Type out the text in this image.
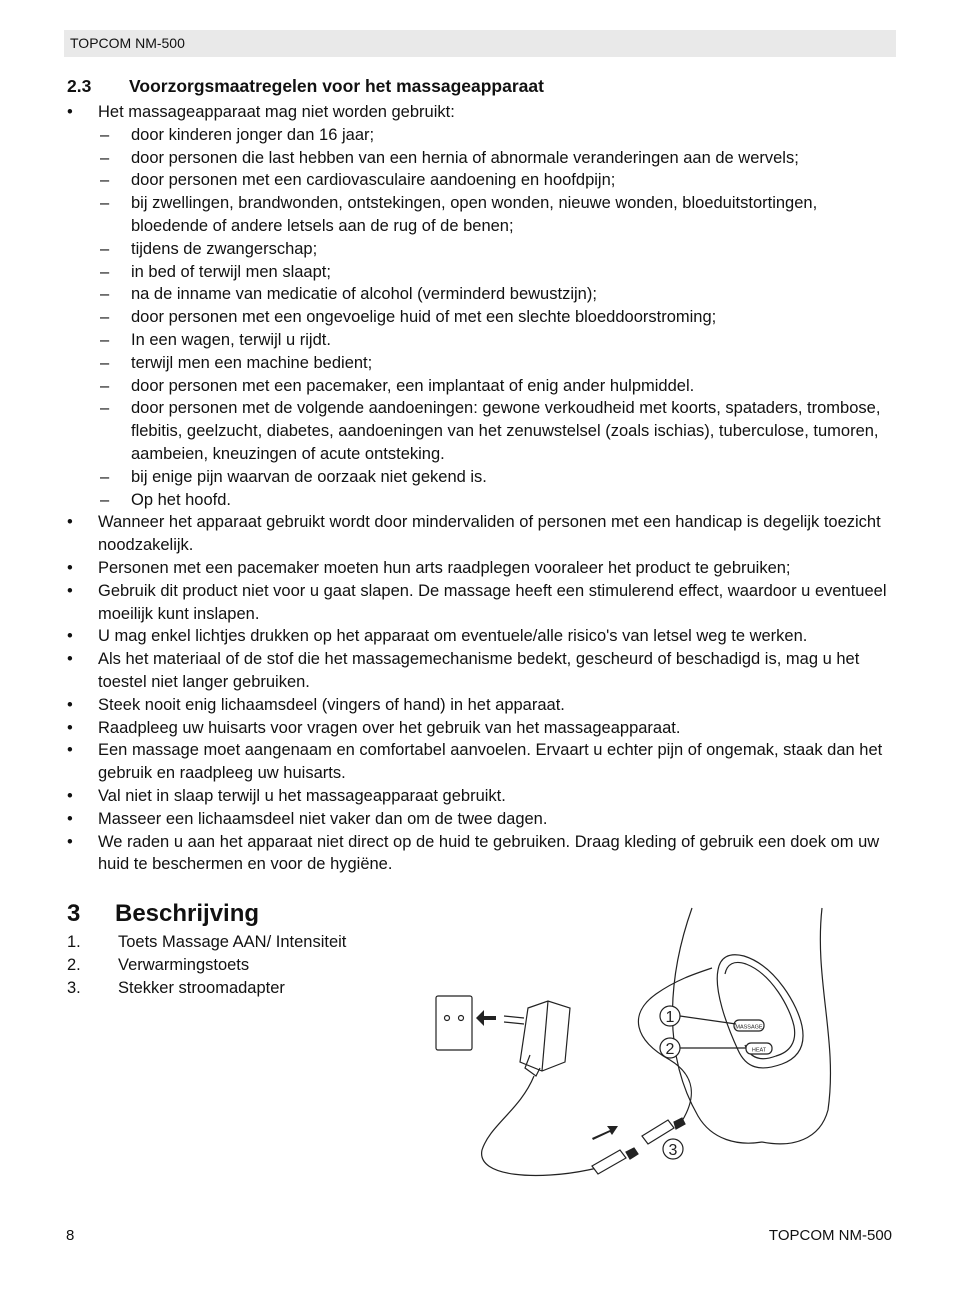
TOPCOM NM-500
2.3 Voorzorgsmaatregelen voor het massageapparaat
•	Het massageapparaat mag niet worden gebruikt:
–	door kinderen jonger dan 16 jaar;
–	door personen die last hebben van een hernia of abnormale veranderingen aan de wervels;
–	door personen met een cardiovasculaire aandoening en hoofdpijn;
–	bij zwellingen, brandwonden, ontstekingen, open wonden, nieuwe wonden, bloeduitstortingen, bloedende of andere letsels aan de rug of de benen;
–	tijdens de zwangerschap;
–	in bed of terwijl men slaapt;
–	na de inname van medicatie of alcohol (verminderd bewustzijn);
–	door personen met een ongevoelige huid of met een slechte bloeddoorstroming;
–	In een wagen, terwijl u rijdt.
–	terwijl men een machine bedient;
–	door personen met een pacemaker, een implantaat of enig ander hulpmiddel.
–	door personen met de volgende aandoeningen: gewone verkoudheid met koorts, spataders, trombose, flebitis, geelzucht, diabetes, aandoeningen van het zenuwstelsel (zoals ischias), tuberculose, tumoren, aambeien, kneuzingen of acute ontsteking.
–	bij enige pijn waarvan de oorzaak niet gekend is.
–	Op het hoofd.
•	Wanneer het apparaat gebruikt wordt door mindervaliden of personen met een handicap is degelijk toezicht noodzakelijk.
•	Personen met een pacemaker moeten hun arts raadplegen vooraleer het product te gebruiken;
•	Gebruik dit product niet voor u gaat slapen. De massage heeft een stimulerend effect, waardoor u eventueel moeilijk kunt inslapen.
•	U mag enkel lichtjes drukken op het apparaat om eventuele/alle risico's van letsel weg te werken.
•	Als het materiaal of de stof die het massagemechanisme bedekt, gescheurd of beschadigd is, mag u het toestel niet langer gebruiken.
•	Steek nooit enig lichaamsdeel (vingers of hand) in het apparaat.
•	Raadpleeg uw huisarts voor vragen over het gebruik van het massageapparaat.
•	Een massage moet aangenaam en comfortabel aanvoelen. Ervaart u echter pijn of ongemak, staak dan het gebruik en raadpleeg uw huisarts.
•	Val niet in slaap terwijl u het massageapparaat gebruikt.
•	Masseer een lichaamsdeel niet vaker dan om de twee dagen.
•	We raden u aan het apparaat niet direct op de huid te gebruiken. Draag kleding of gebruik een doek om uw huid te beschermen en voor de hygiëne.
3 Beschrijving
1.	Toets Massage AAN/ Intensiteit
2.	Verwarmingstoets
3.	Stekker stroomadapter
MASSAGE
HEAT
1
2
3
8	TOPCOM NM-500
